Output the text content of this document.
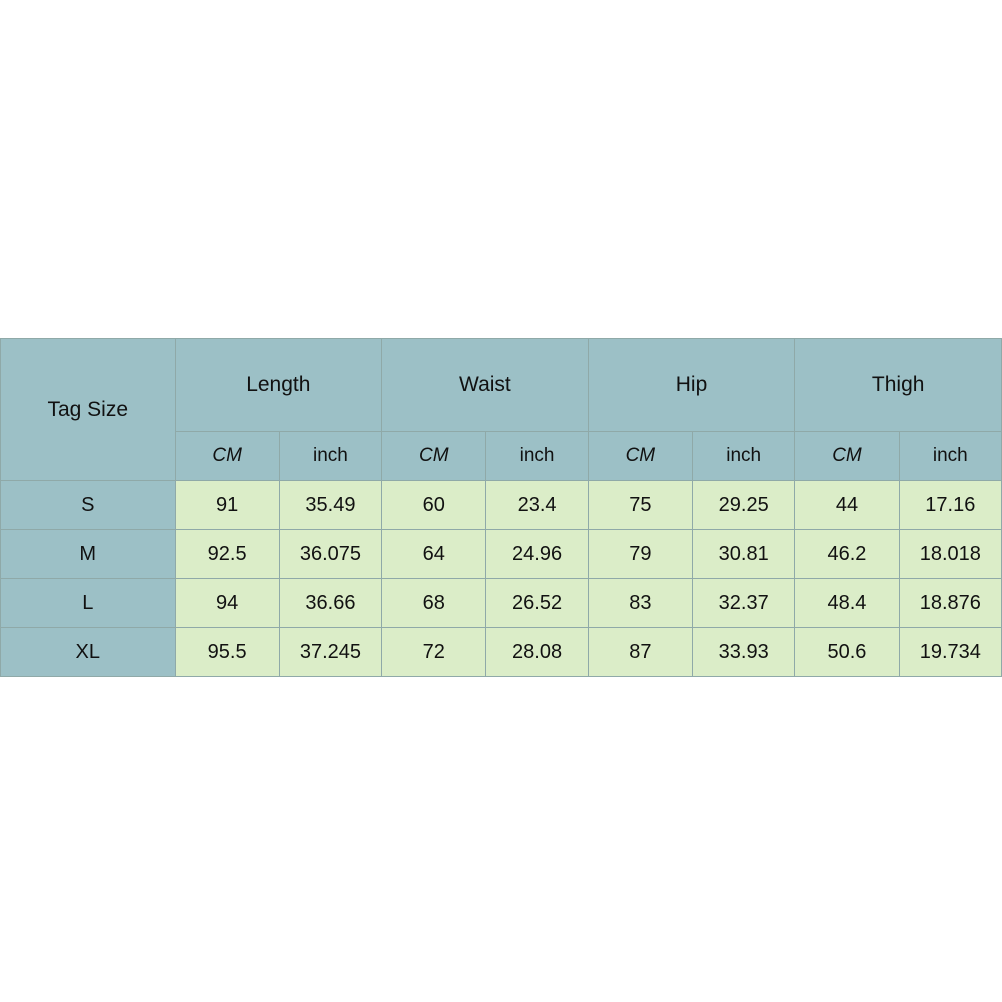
Tag Size	Length		Waist		Hip		Thigh	
	CM	inch	CM	inch	CM	inch	CM	inch
S	91	35.49	60	23.4	75	29.25	44	17.16
M	92.5	36.075	64	24.96	79	30.81	46.2	18.018
L	94	36.66	68	26.52	83	32.37	48.4	18.876
XL	95.5	37.245	72	28.08	87	33.93	50.6	19.734
